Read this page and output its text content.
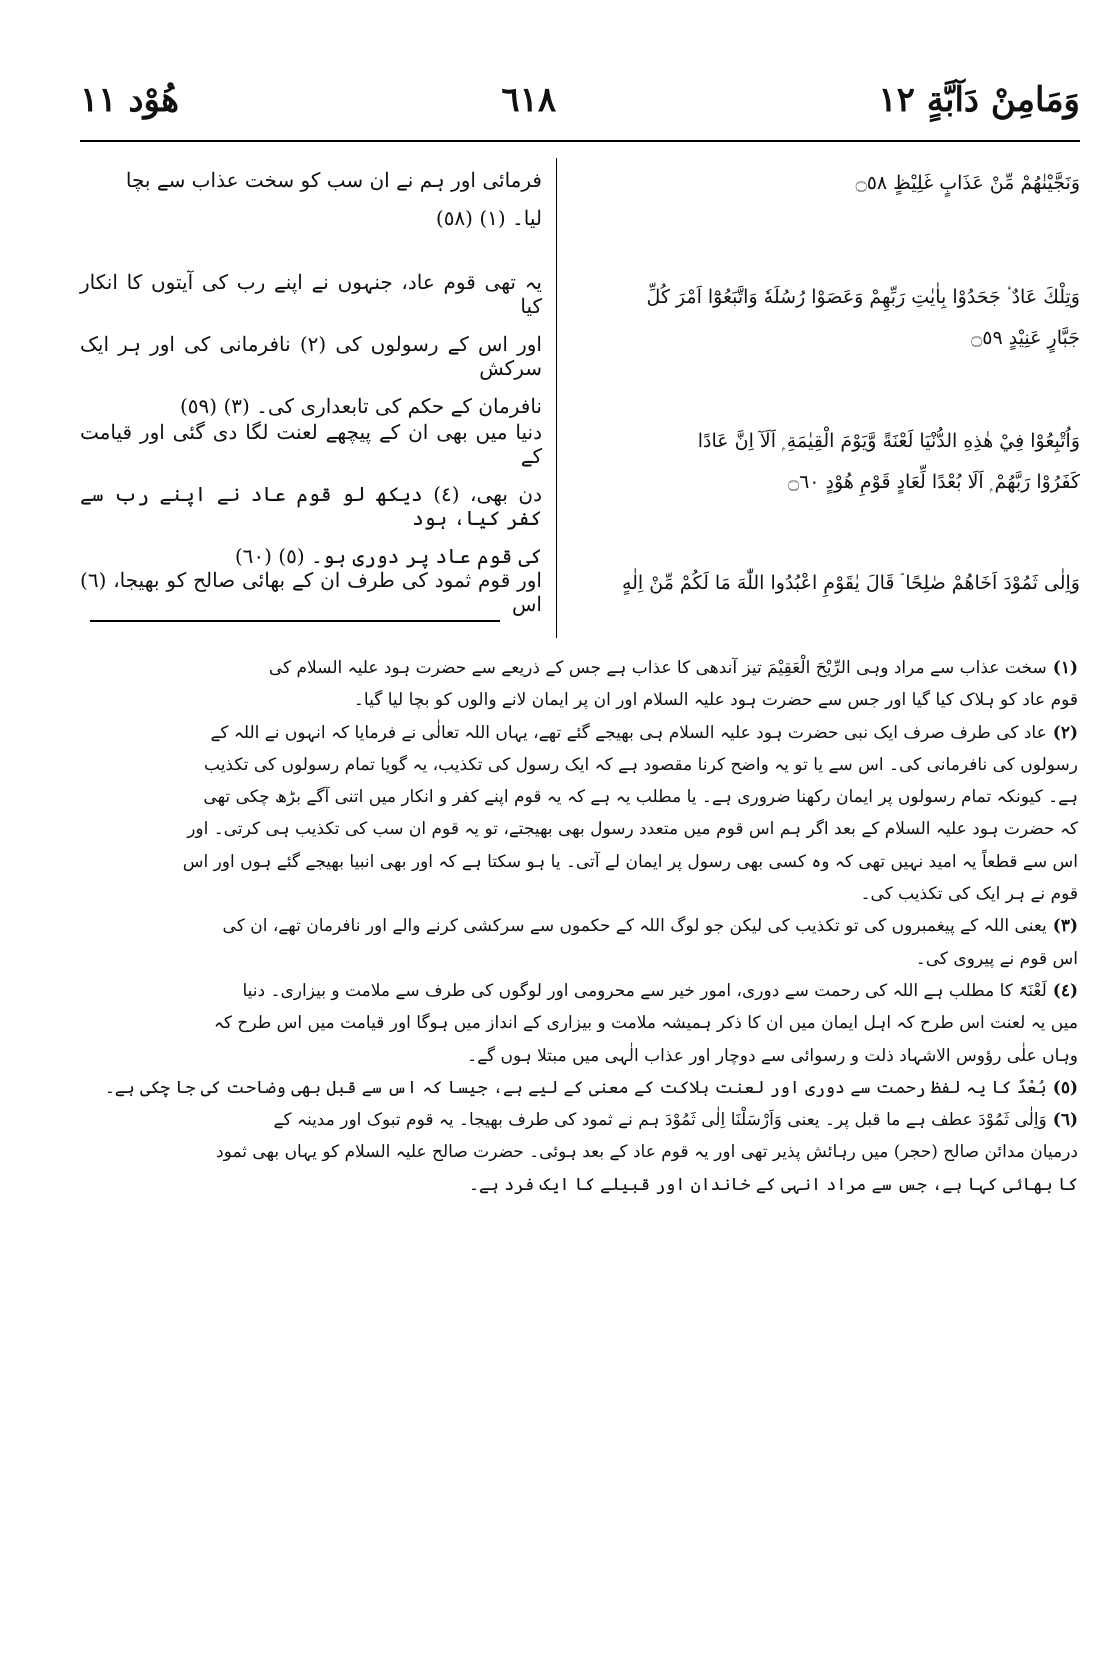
هُوْد ١١	٦١٨	وَمَامِنْ دَآبَّةٍ ١٢

فرمائی اور ہم نے ان سب کو سخت عذاب سے بچا

لیا۔ (١) (٥٨)

یہ تھی قوم عاد، جنہوں نے اپنے رب کی آیتوں کا انکار کیا

اور اس کے رسولوں کی (٢) نافرمانی کی اور ہر ایک سرکش

نافرمان کے حکم کی تابعداری کی۔ (٣) (٥٩)

دنیا میں بھی ان کے پیچھے لعنت لگا دی گئی اور قیامت کے

دن بھی، (٤) دیکھ لو قوم عاد نے اپنے رب سے کفر کیا، ہود

کی قوم عاد پر دوری ہو۔ (٥) (٦٠)

اور قوم ثمود کی طرف ان کے بھائی صالح کو بھیجا، (٦) اس

وَنَجَّيْنٰهُمْ مِّنْ عَذَابٍ غَلِيْظٍ ۝٥٨

وَتِلْكَ عَادٌ ۟ جَحَدُوْا بِاٰيٰتِ رَبِّهِمْ وَعَصَوْا رُسُلَهٗ وَاتَّبَعُوْٓا اَمْرَ كُلِّ

جَبَّارٍ عَنِيْدٍ ۝٥٩

وَاُتْبِعُوْا فِيْ هٰذِهِ الدُّنْيَا لَعْنَةً وَّيَوْمَ الْقِيٰمَةِ ۭ اَلَآ اِنَّ عَادًا

كَفَرُوْا رَبَّهُمْ ۭ اَلَا بُعْدًا لِّعَادٍ قَوْمِ هُوْدٍ ۝٦٠

وَاِلٰى ثَمُوْدَ اَخَاهُمْ صٰلِحًا ۘ قَالَ يٰقَوْمِ اعْبُدُوا اللّٰهَ مَا لَكُمْ مِّنْ اِلٰهٍ

(١)سخت عذاب سے مراد وہی الرِّیْحَ الْعَقِیْمَ تیز آندھی کا عذاب ہے جس کے ذریعے سے حضرت ہود علیہ السلام کی

قوم عاد کو ہلاک کیا گیا اور جس سے حضرت ہود علیہ السلام اور ان پر ایمان لانے والوں کو بچا لیا گیا۔

(٢)عاد کی طرف صرف ایک نبی حضرت ہود علیہ السلام ہی بھیجے گئے تھے، یہاں اللہ تعالٰی نے فرمایا کہ انہوں نے اللہ کے

رسولوں کی نافرمانی کی۔ اس سے یا تو یہ واضح کرنا مقصود ہے کہ ایک رسول کی تکذیب، یہ گویا تمام رسولوں کی تکذیب

ہے۔ کیونکہ تمام رسولوں پر ایمان رکھنا ضروری ہے۔ یا مطلب یہ ہے کہ یہ قوم اپنے کفر و انکار میں اتنی آگے بڑھ چکی تھی

کہ حضرت ہود علیہ السلام کے بعد اگر ہم اس قوم میں متعدد رسول بھی بھیجتے، تو یہ قوم ان سب کی تکذیب ہی کرتی۔ اور

اس سے قطعاً یہ امید نہیں تھی کہ وہ کسی بھی رسول پر ایمان لے آتی۔ یا ہو سکتا ہے کہ اور بھی انبیا بھیجے گئے ہوں اور اس

قوم نے ہر ایک کی تکذیب کی۔

(٣)یعنی اللہ کے پیغمبروں کی تو تکذیب کی لیکن جو لوگ اللہ کے حکموں سے سرکشی کرنے والے اور نافرمان تھے، ان کی

اس قوم نے پیروی کی۔

(٤)لَعْنَۃً کا مطلب ہے اللہ کی رحمت سے دوری، امور خیر سے محرومی اور لوگوں کی طرف سے ملامت و بیزاری۔ دنیا

میں یہ لعنت اس طرح کہ اہل ایمان میں ان کا ذکر ہمیشہ ملامت و بیزاری کے انداز میں ہوگا اور قیامت میں اس طرح کہ

وہاں علٰی رؤوس الاشہاد ذلت و رسوائی سے دوچار اور عذاب الٰہی میں مبتلا ہوں گے۔

(٥)بُعْدٌ کا یہ لفظ رحمت سے دوری اور لعنت ہلاکت کے معنی کے لیے ہے، جیسا کہ اس سے قبل بھی وضاحت کی جا چکی ہے۔

(٦)وَاِلٰی ثَمُوْدَ عطف ہے ما قبل پر۔ یعنی وَاَرْسَلْنَا اِلٰی ثَمُوْدَ ہم نے ثمود کی طرف بھیجا۔ یہ قوم تبوک اور مدینہ کے

درمیان مدائن صالح (حجر) میں رہائش پذیر تھی اور یہ قوم عاد کے بعد ہوئی۔ حضرت صالح علیہ السلام کو یہاں بھی ثمود

کا بھائی کہا ہے، جس سے مراد انہی کے خاندان اور قبیلے کا ایک فرد ہے۔
